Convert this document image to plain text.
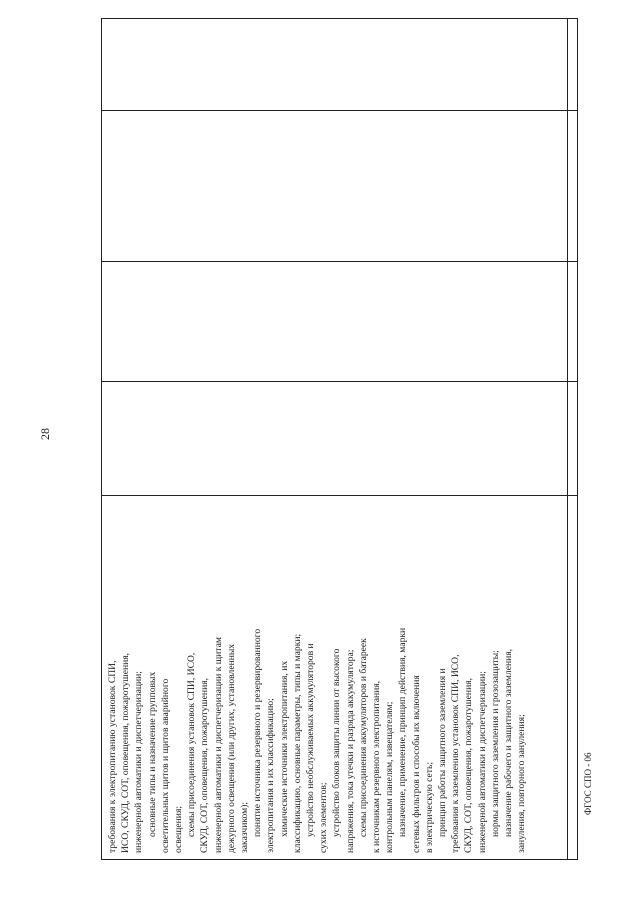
28
ФГОС СПО - 06
требования к электропитанию установок СПИ, ИСО, СКУД, СОТ, оповещения, пожаротушения, инженерной автоматики и диспетчеризации; основные типы и назначение групповых осветительных щитов и щитов аварийного освещения; схемы присоединения установок СПИ, ИСО, СКУД, СОТ, оповещения, пожаротушения, инженерной автоматики и диспетчеризации к щитам дежурного освещения (или других, установленных заказчиком); понятие источника резервного и резервированного электропитания и их классификацию; химические источники электропитания, их классификацию, основные параметры, типы и марки; устройство необслуживаемых аккумуляторов и сухих элементов; устройство блоков защиты линии от высокого напряжения, тока утечки и разряда аккумулятора; схемы присоединения аккумуляторов и батареек к источникам резервного электропитания, контрольным панелям, извещателям; назначение, применение, принцип действия, марки сетевых фильтров и способы их включения в электрическую сеть; принцип работы защитного заземления и требования к заземлению установок СПИ, ИСО, СКУД, СОТ, оповещения, пожаротушения, инженерной автоматики и диспетчеризации; нормы защитного заземления и грозозащиты; назначение рабочего и защитного заземления, зануления, повторного зануления;
